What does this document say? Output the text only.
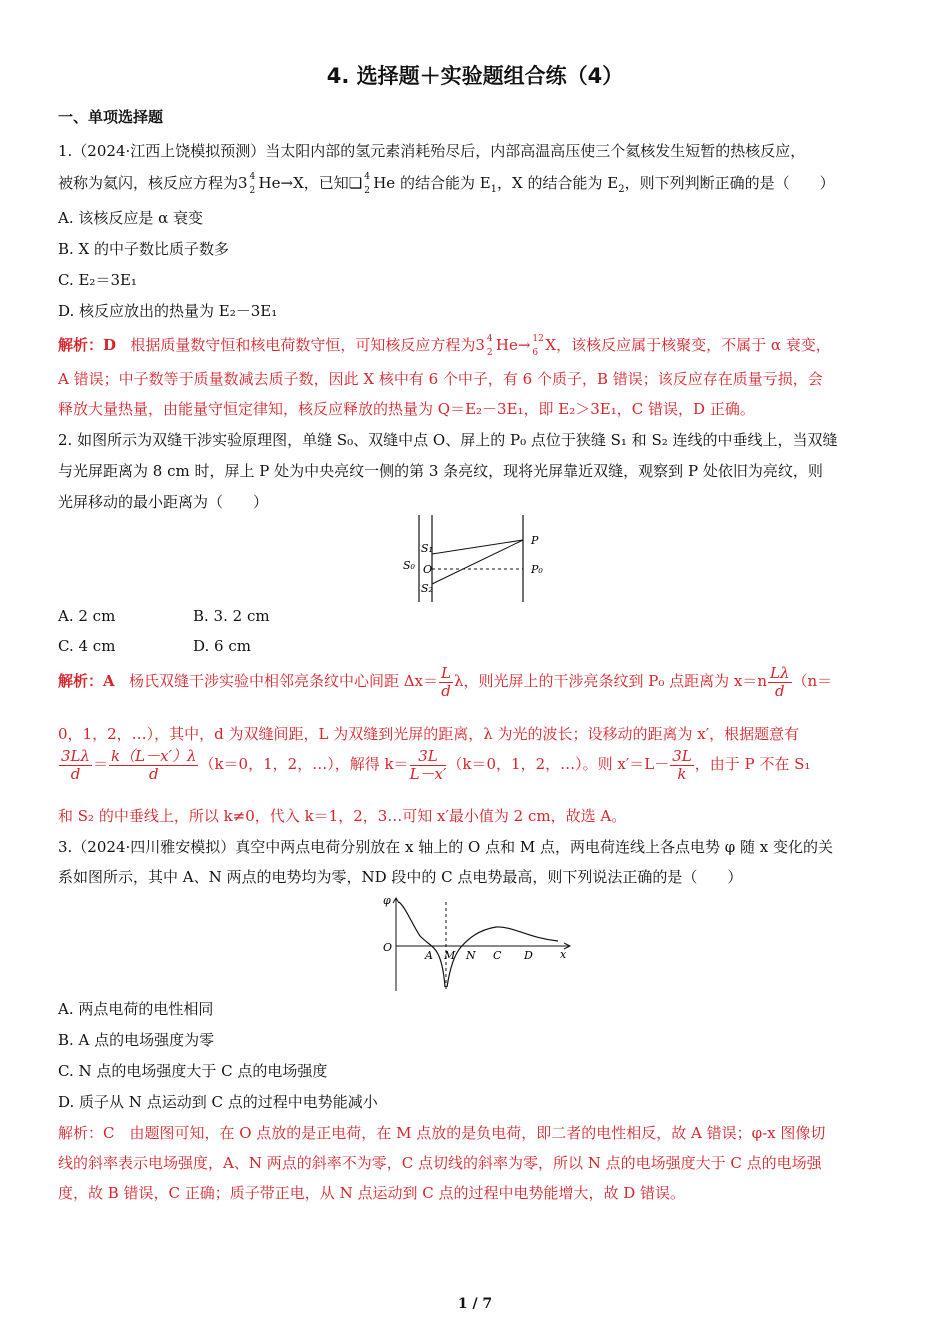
4. 选择题＋实验题组合练（4）
一、单项选择题
1.（2024·江西上饶模拟预测）当太阳内部的氢元素消耗殆尽后，内部高温高压使三个氦核发生短暂的热核反应，
被称为氦闪，核反应方程为3 4
2 He→X，已知❏ 4
2 He 的结合能为 $E_1$，X 的结合能为 $E_2$，则下列判断正确的是（　　）
A. 该核反应是 α 衰变
B. X 的中子数比质子数多
C. E₂＝3E₁
D. 核反应放出的热量为 E₂－3E₁
解析：D 根据质量数守恒和核电荷数守恒，可知核反应方程为3 4
2 He→ 12
6 X，该核反应属于核聚变，不属于 α 衰变，
A 错误；中子数等于质量数减去质子数，因此 X 核中有 6 个中子，有 6 个质子，B 错误；该反应存在质量亏损，会
释放大量热量，由能量守恒定律知，核反应释放的热量为 Q＝E₂－3E₁，即 E₂＞3E₁，C 错误，D 正确。
2. 如图所示为双缝干涉实验原理图，单缝 S₀、双缝中点 O、屏上的 P₀ 点位于狭缝 S₁ 和 S₂ 连线的中垂线上，当双缝
与光屏距离为 8 cm 时，屏上 P 处为中央亮纹一侧的第 3 条亮纹，现将光屏靠近双缝，观察到 P 处依旧为亮纹，则
光屏移动的最小距离为（　　）
S₁
S₀ O
S₂
P
P₀
A. 2 cm	B. 3. 2 cm
C. 4 cm	D. 6 cm
解析：A 杨氏双缝干涉实验中相邻亮条纹中心间距 $\Delta x= \frac{L}{d}$ λ，则光屏上的干涉亮条纹到 P₀ 点距离为 $x=n \frac{L\lambda}{d} (n=$
0，1，2，…），其中，d 为双缝间距，L 为双缝到光屏的距离，λ 为光的波长；设移动的距离为 x′，根据题意有
$\frac{3L\lambda}{d} = \frac{k(L-x')\lambda}{d} (k=0$，1，2，…），解得 $k= \frac{3L}{L-x'} (k=0$，1，2，…）。则 $x'=L- \frac{3L}{k}$ ，由于 P 不在 S₁
和 S₂ 的中垂线上，所以 k≠0，代入 k＝1，2，3…可知 x′最小值为 2 cm，故选 A。
3.（2024·四川雅安模拟）真空中两点电荷分别放在 x 轴上的 O 点和 M 点，两电荷连线上各点电势 φ 随 x 变化的关
系如图所示，其中 A、N 两点的电势均为零，ND 段中的 C 点电势最高，则下列说法正确的是（　　）
φ
O
A M N C D x
A. 两点电荷的电性相同
B. A 点的电场强度为零
C. N 点的电场强度大于 C 点的电场强度
D. 质子从 N 点运动到 C 点的过程中电势能减小
解析：C　由题图可知，在 O 点放的是正电荷，在 M 点放的是负电荷，即二者的电性相反，故 A 错误；φ-x 图像切
线的斜率表示电场强度，A、N 两点的斜率不为零，C 点切线的斜率为零，所以 N 点的电场强度大于 C 点的电场强
度，故 B 错误，C 正确；质子带正电，从 N 点运动到 C 点的过程中电势能增大，故 D 错误。
1 / 7
